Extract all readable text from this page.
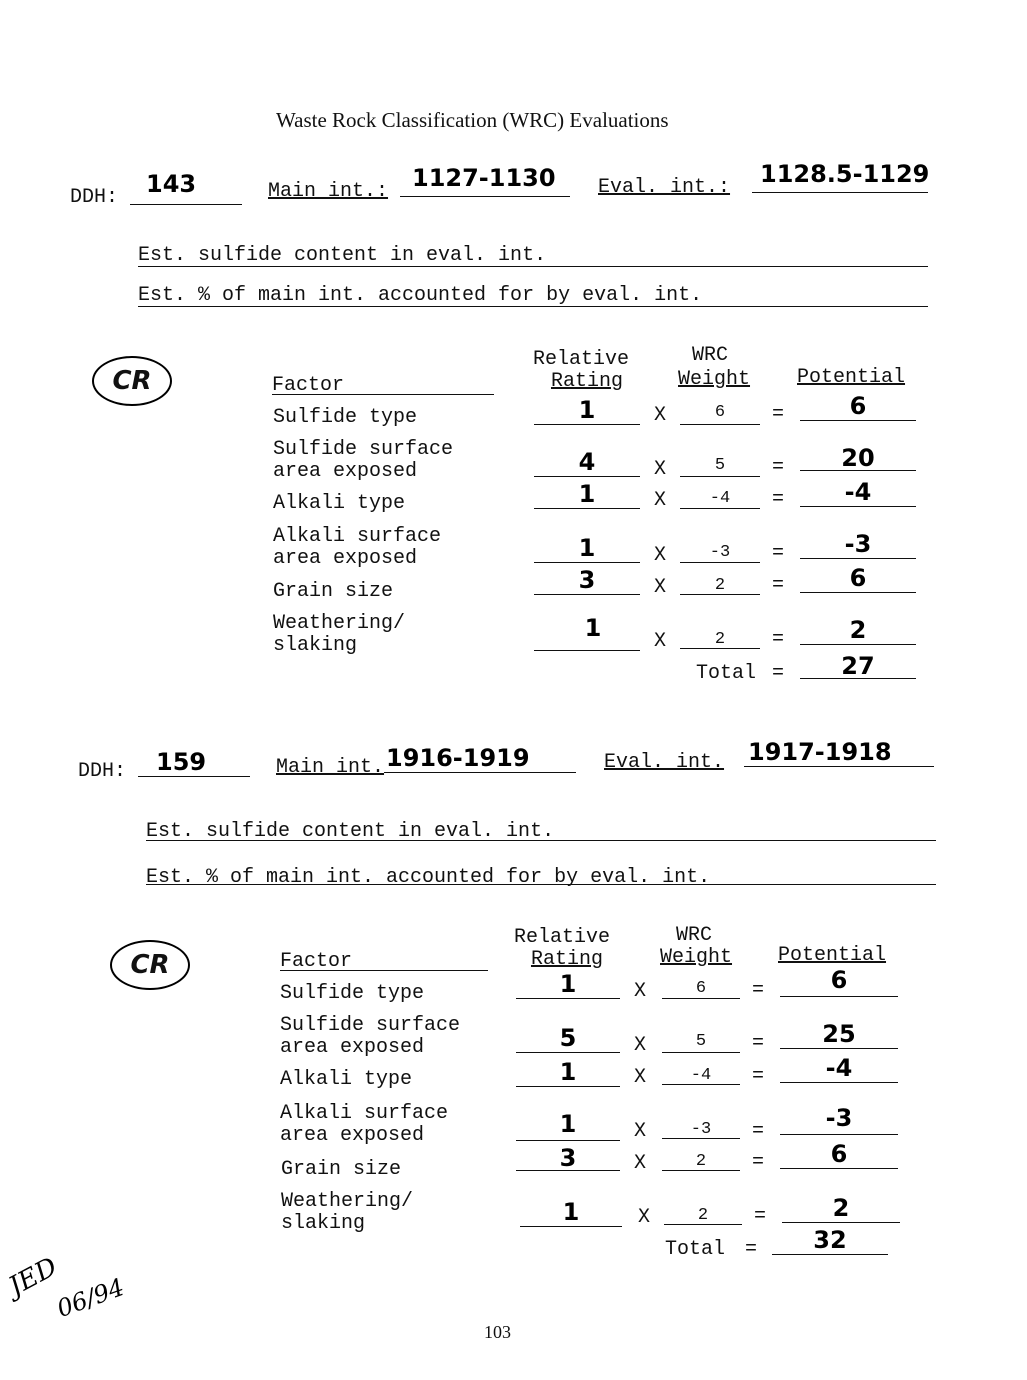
Waste Rock Classification (WRC) Evaluations
DDH: 143	Main int.: 1127-1130 Eval. int.: 1128.5-1129
Est. sulfide content in eval. int.
Est. % of main int. accounted for by eval. int.
CR	Factor
Relative
Rating
WRC
Weight Potential
Sulfide type	1	X	6	=	6
Sulfide surface
area exposed	4	X	5	=	20
Alkali type	1	X	-4	=	-4
Alkali surface
area exposed	1	X	-3	=	-3
Grain size	3	X	2	=	6
Weathering/
slaking
1	X	2	=	2
Total =	27
DDH: 159	Main int. 1916-1919	Eval. int. 1917-1918
Est. sulfide content in eval. int.
Est. % of main int. accounted for by eval. int.
CR	Factor
Relative
Rating
WRC
Weight Potential
Sulfide type	1	X	6	=	6
Sulfide surface
area exposed	5	X	5	=	25
Alkali type	1	X	-4	=	-4
Alkali surface
area exposed	1	X	-3	=	-3
Grain size	3	X	2	=	6
Weathering/
slaking	1	X	2	=	2
Total =	32
JED
06/94
103
